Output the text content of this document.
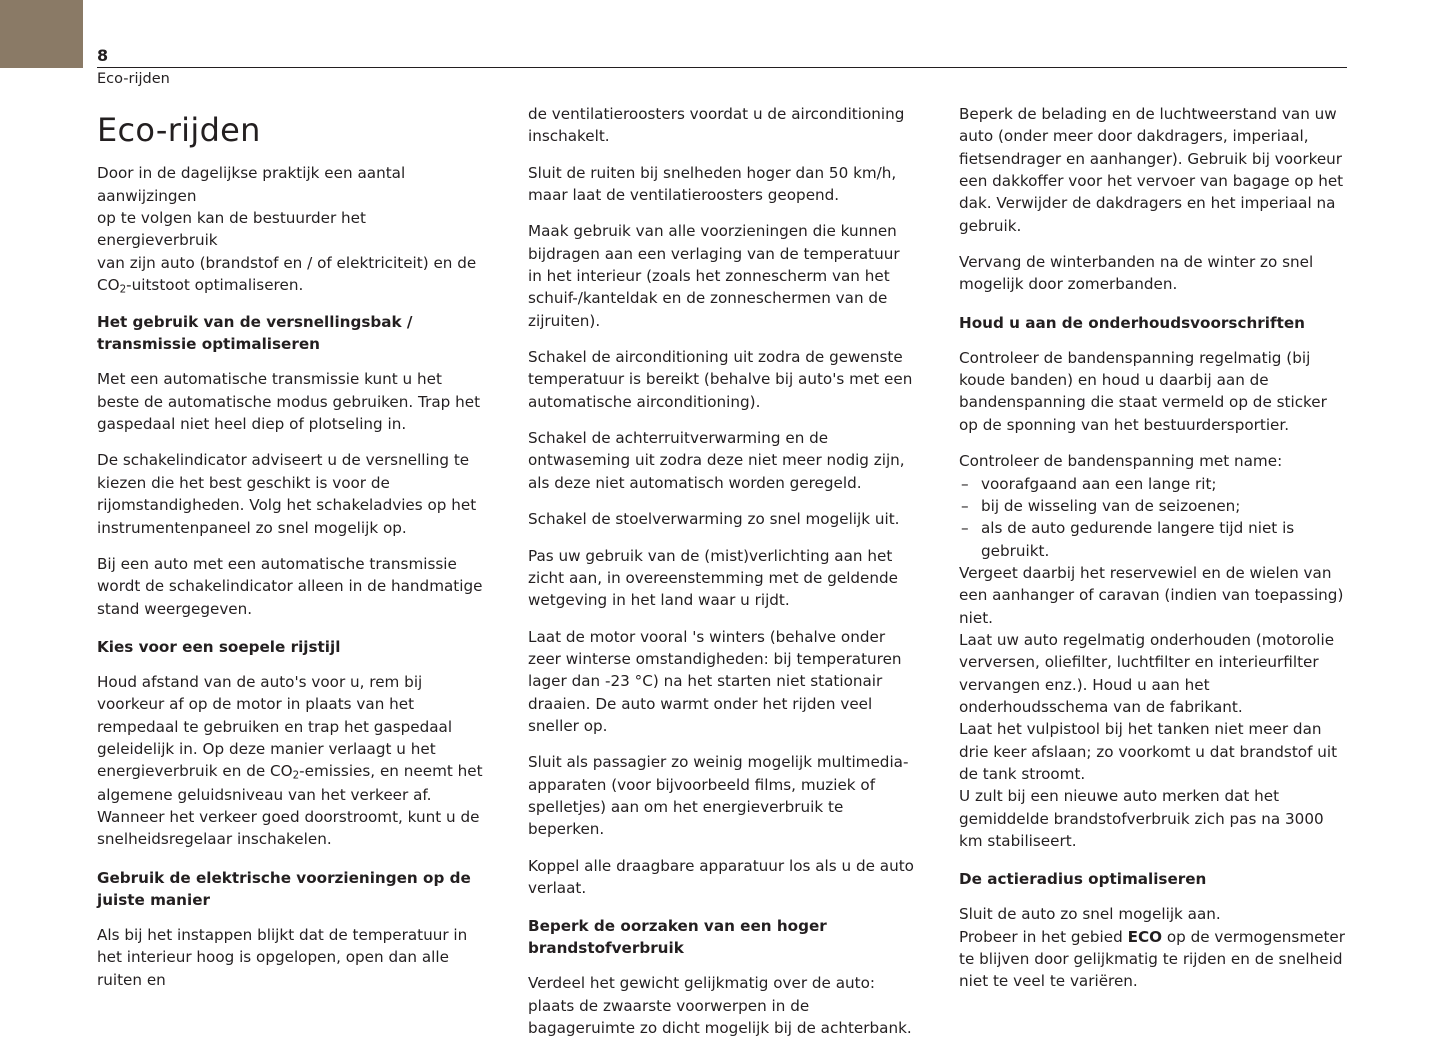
8
Eco-rijden
Eco-rijden

Door in de dagelijkse praktijk een aantal aanwijzingen

op te volgen kan de bestuurder het energieverbruik

van zijn auto (brandstof en / of elektriciteit) en de

$CO_2$-uitstoot optimaliseren.

Het gebruik van de versnellingsbak / transmissie optimaliseren

Met een automatische transmissie kunt u het beste de automatische modus gebruiken. Trap het gaspedaal niet heel diep of plotseling in.

De schakelindicator adviseert u de versnelling te kiezen die het best geschikt is voor de rijomstandigheden. Volg het schakeladvies op het instrumentenpaneel zo snel mogelijk op.

Bij een auto met een automatische transmissie wordt de schakelindicator alleen in de handmatige stand weergegeven.

Kies voor een soepele rijstijl

Houd afstand van de auto's voor u, rem bij voorkeur af op de motor in plaats van het rempedaal te gebruiken en trap het gaspedaal geleidelijk in. Op deze manier verlaagt u het energieverbruik en de $CO_2$-emissies, en neemt het algemene geluidsniveau van het verkeer af. Wanneer het verkeer goed doorstroomt, kunt u de snelheidsregelaar inschakelen.

Gebruik de elektrische voorzieningen op de juiste manier

Als bij het instappen blijkt dat de temperatuur in het interieur hoog is opgelopen, open dan alle ruiten en

de ventilatieroosters voordat u de airconditioning inschakelt.

Sluit de ruiten bij snelheden hoger dan 50 km/h, maar laat de ventilatieroosters geopend.

Maak gebruik van alle voorzieningen die kunnen bijdragen aan een verlaging van de temperatuur in het interieur (zoals het zonnescherm van het schuif-/kanteldak en de zonneschermen van de zijruiten).

Schakel de airconditioning uit zodra de gewenste temperatuur is bereikt (behalve bij auto's met een automatische airconditioning).

Schakel de achterruitverwarming en de ontwaseming uit zodra deze niet meer nodig zijn, als deze niet automatisch worden geregeld.

Schakel de stoelverwarming zo snel mogelijk uit.

Pas uw gebruik van de (mist)verlichting aan het zicht aan, in overeenstemming met de geldende wetgeving in het land waar u rijdt.

Laat de motor vooral 's winters (behalve onder zeer winterse omstandigheden: bij temperaturen lager dan -23 °C) na het starten niet stationair draaien. De auto warmt onder het rijden veel sneller op.

Sluit als passagier zo weinig mogelijk multimedia-apparaten (voor bijvoorbeeld films, muziek of spelletjes) aan om het energieverbruik te beperken.

Koppel alle draagbare apparatuur los als u de auto verlaat.

Beperk de oorzaken van een hoger brandstofverbruik

Verdeel het gewicht gelijkmatig over de auto: plaats de zwaarste voorwerpen in de bagageruimte zo dicht mogelijk bij de achterbank.

Beperk de belading en de luchtweerstand van uw auto (onder meer door dakdragers, imperiaal, fietsendrager en aanhanger). Gebruik bij voorkeur een dakkoffer voor het vervoer van bagage op het dak. Verwijder de dakdragers en het imperiaal na gebruik.

Vervang de winterbanden na de winter zo snel mogelijk door zomerbanden.

Houd u aan de onderhoudsvoorschriften

Controleer de bandenspanning regelmatig (bij koude banden) en houd u daarbij aan de bandenspanning die staat vermeld op de sticker op de sponning van het bestuurdersportier.

Controleer de bandenspanning met name:

– voorafgaand aan een lange rit;
– bij de wisseling van de seizoenen;
– als de auto gedurende langere tijd niet is gebruikt.

Vergeet daarbij het reservewiel en de wielen van een aanhanger of caravan (indien van toepassing) niet.

Laat uw auto regelmatig onderhouden (motorolie verversen, oliefilter, luchtfilter en interieurfilter vervangen enz.). Houd u aan het onderhoudsschema van de fabrikant.

Laat het vulpistool bij het tanken niet meer dan drie keer afslaan; zo voorkomt u dat brandstof uit de tank stroomt.

U zult bij een nieuwe auto merken dat het gemiddelde brandstofverbruik zich pas na 3000 km stabiliseert.

De actieradius optimaliseren

Sluit de auto zo snel mogelijk aan.

Probeer in het gebied ECO op de vermogensmeter te blijven door gelijkmatig te rijden en de snelheid niet te veel te variëren.
